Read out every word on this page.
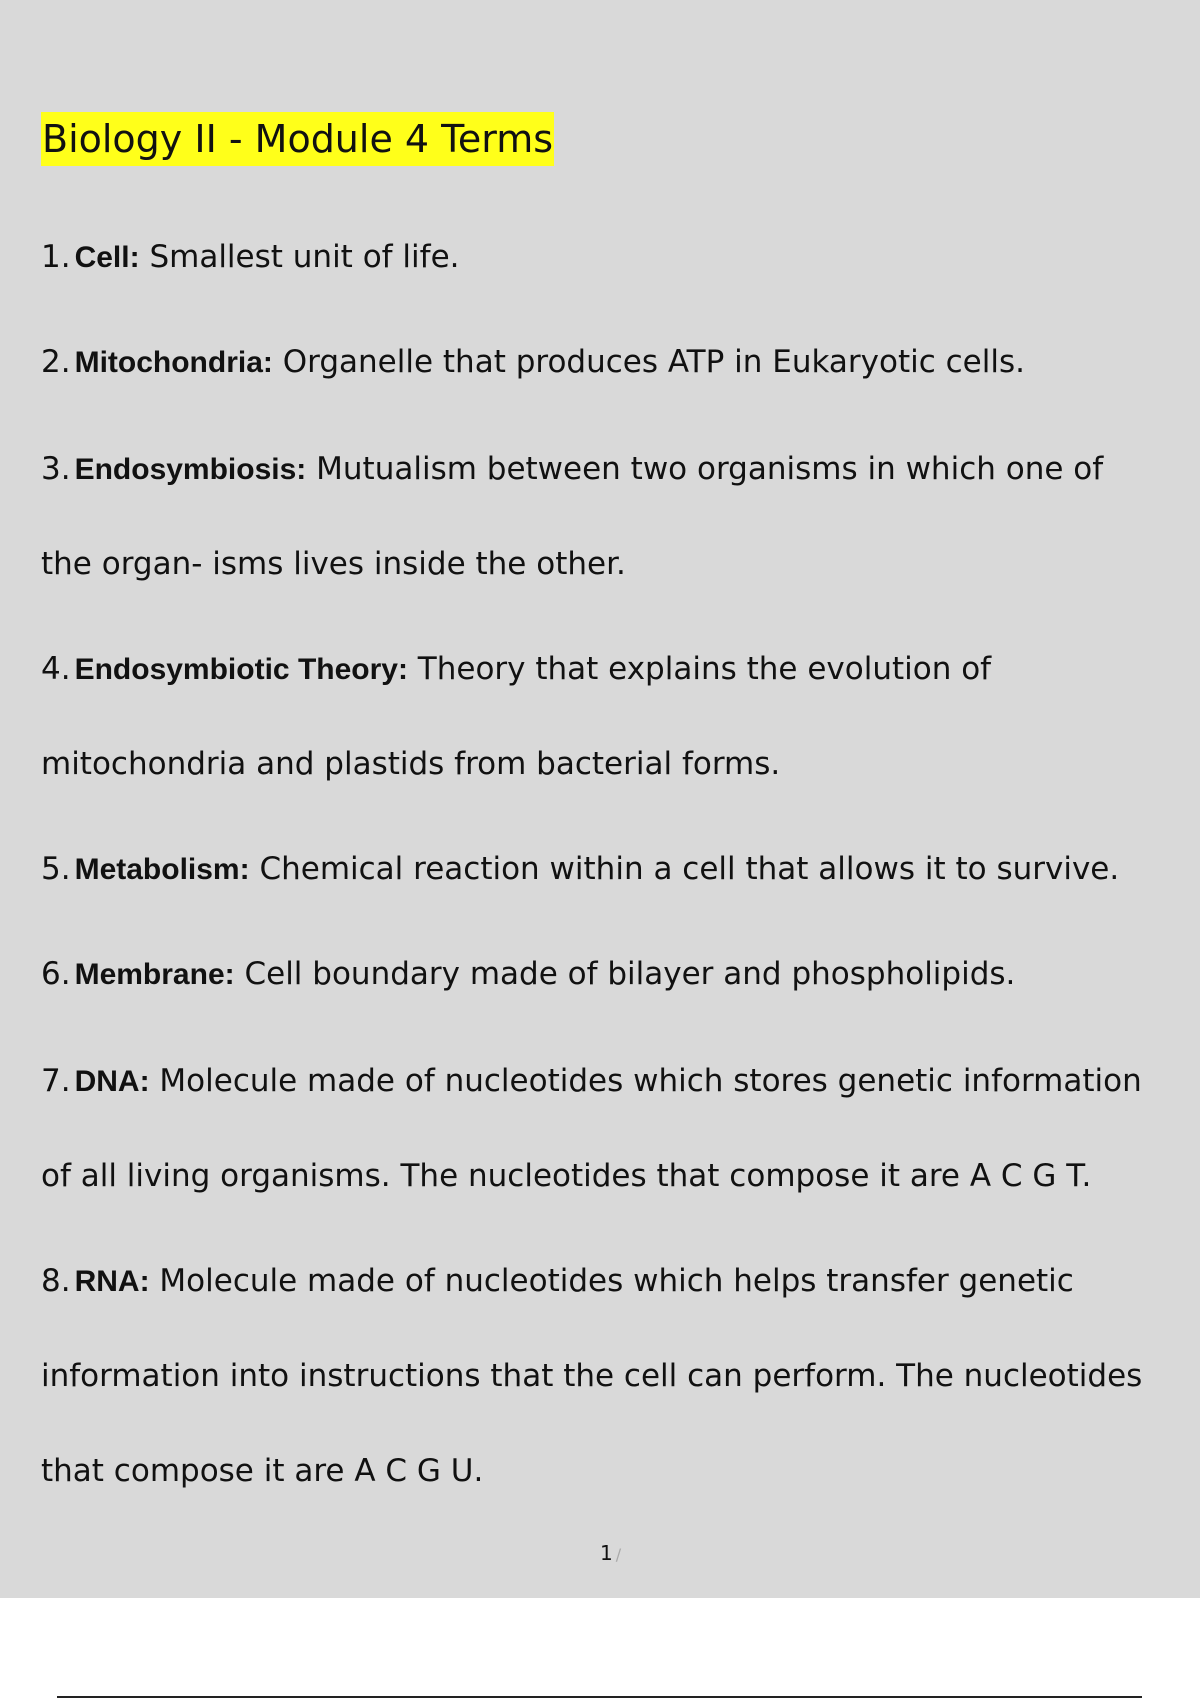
Biology II - Module 4 Terms
1. Cell: Smallest unit of life.
2. Mitochondria: Organelle that produces ATP in Eukaryotic cells.
3. Endosymbiosis: Mutualism between two organisms in which one of
the organ- isms lives inside the other.
4. Endosymbiotic Theory: Theory that explains the evolution of
mitochondria and plastids from bacterial forms.
5. Metabolism: Chemical reaction within a cell that allows it to survive.
6. Membrane: Cell boundary made of bilayer and phospholipids.
7. DNA: Molecule made of nucleotides which stores genetic information
of all living organisms. The nucleotides that compose it are A C G T.
8. RNA: Molecule made of nucleotides which helps transfer genetic
information into instructions that the cell can perform. The nucleotides
that compose it are A C G U.
1 /
